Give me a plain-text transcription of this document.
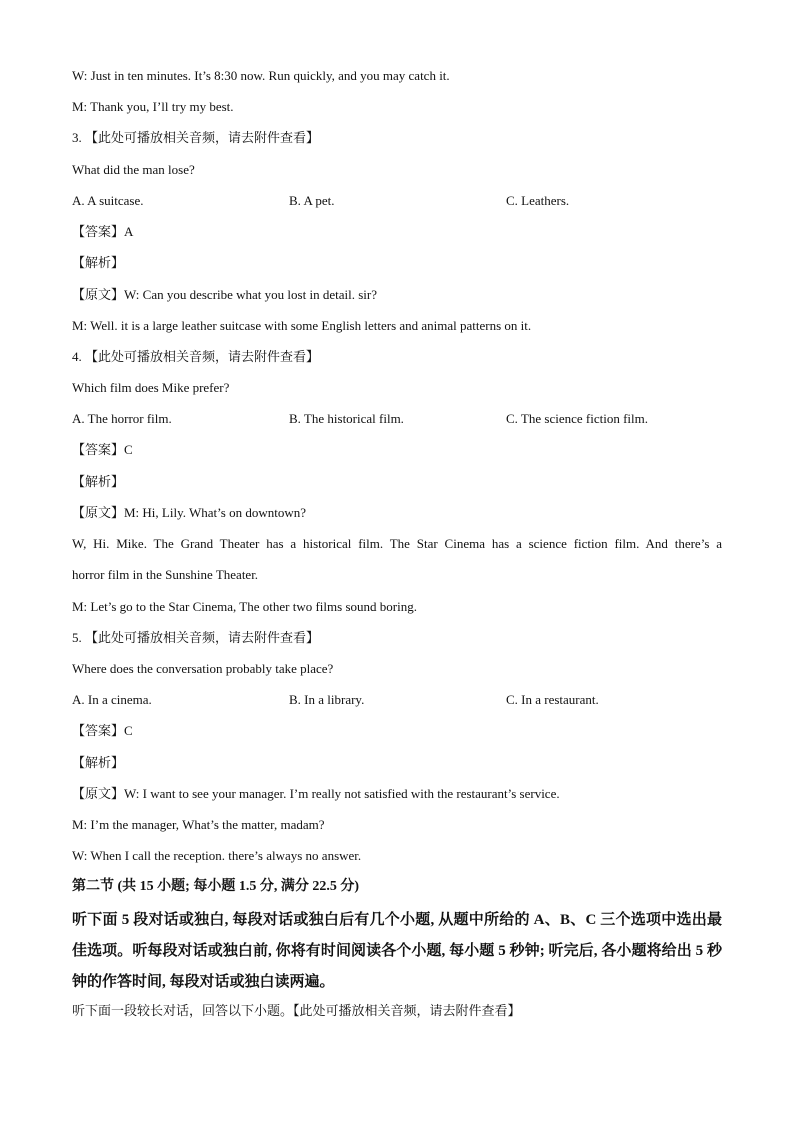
W: Just in ten minutes. It’s 8:30 now. Run quickly, and you may catch it.
M: Thank you, I’ll try my best.
3. 【此处可播放相关音频，请去附件查看】
What did the man lose?
A. A suitcase.	B. A pet.	C. Leathers.
【答案】A
【解析】
【原文】W: Can you describe what you lost in detail. sir?
M: Well. it is a large leather suitcase with some English letters and animal patterns on it.
4. 【此处可播放相关音频，请去附件查看】
Which film does Mike prefer?
A. The horror film.	B. The historical film.	C. The science fiction film.
【答案】C
【解析】
【原文】M: Hi, Lily. What’s on downtown?
W, Hi. Mike. The Grand Theater has a historical film. The Star Cinema has a science fiction film. And there’s a
horror film in the Sunshine Theater.
M: Let’s go to the Star Cinema, The other two films sound boring.
5. 【此处可播放相关音频，请去附件查看】
Where does the conversation probably take place?
A. In a cinema.	B. In a library.	C. In a restaurant.
【答案】C
【解析】
【原文】W: I want to see your manager. I’m really not satisfied with the restaurant’s service.
M: I’m the manager, What’s the matter, madam?
W: When I call the reception. there’s always no answer.
第二节 (共 15 小题; 每小题 1.5 分, 满分 22.5 分)
听下面 5 段对话或独白, 每段对话或独白后有几个小题, 从题中所给的 A、B、C 三个选项中选出最佳选项。听每段对话或独白前, 你将有时间阅读各个小题, 每小题 5 秒钟; 听完后, 各小题将给出 5 秒钟的作答时间, 每段对话或独白读两遍。
听下面一段较长对话，回答以下小题。【此处可播放相关音频，请去附件查看】
